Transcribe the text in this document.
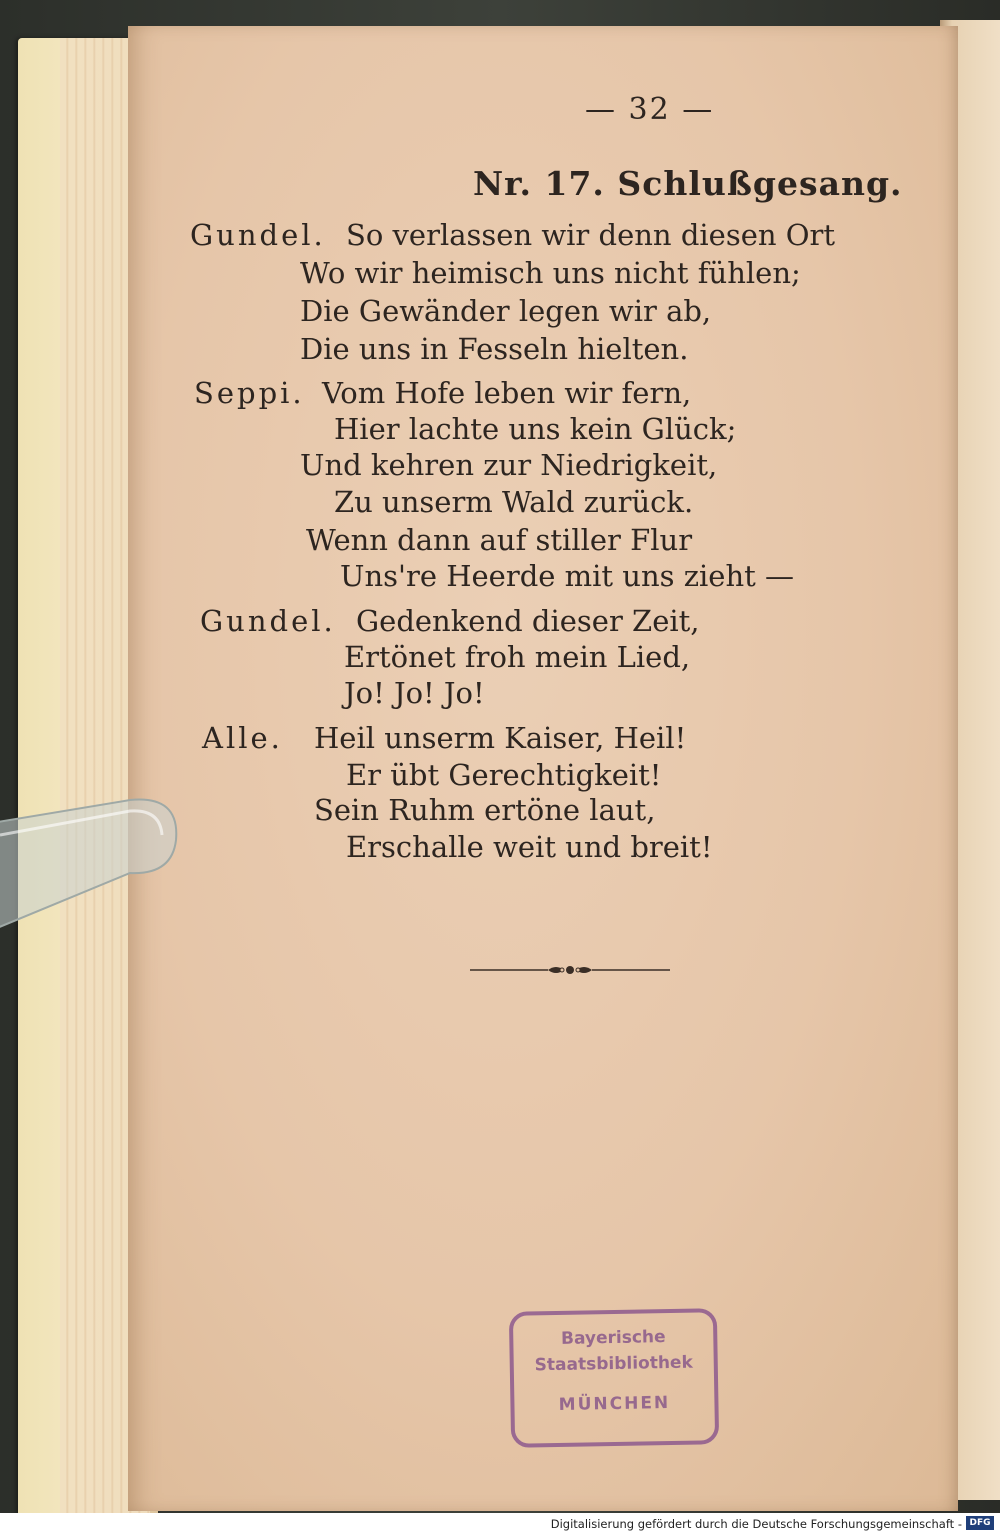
— 32 —
Nr. 17. Schlußgesang.
Gundel. So verlassen wir denn diesen Ort
Wo wir heimisch uns nicht fühlen;
Die Gewänder legen wir ab,
Die uns in Fesseln hielten.
Seppi. Vom Hofe leben wir fern,
Hier lachte uns kein Glück;
Und kehren zur Niedrigkeit,
Zu unserm Wald zurück.
Wenn dann auf stiller Flur
Uns're Heerde mit uns zieht —
Gundel. Gedenkend dieser Zeit,
Ertönet froh mein Lied,
Jo! Jo! Jo!
Alle. Heil unserm Kaiser, Heil!
Er übt Gerechtigkeit!
Sein Ruhm ertöne laut,
Erschalle weit und breit!
Bayerische
Staatsbibliothek
MÜNCHEN
Digitalisierung gefördert durch die Deutsche Forschungsgemeinschaft - DFG
